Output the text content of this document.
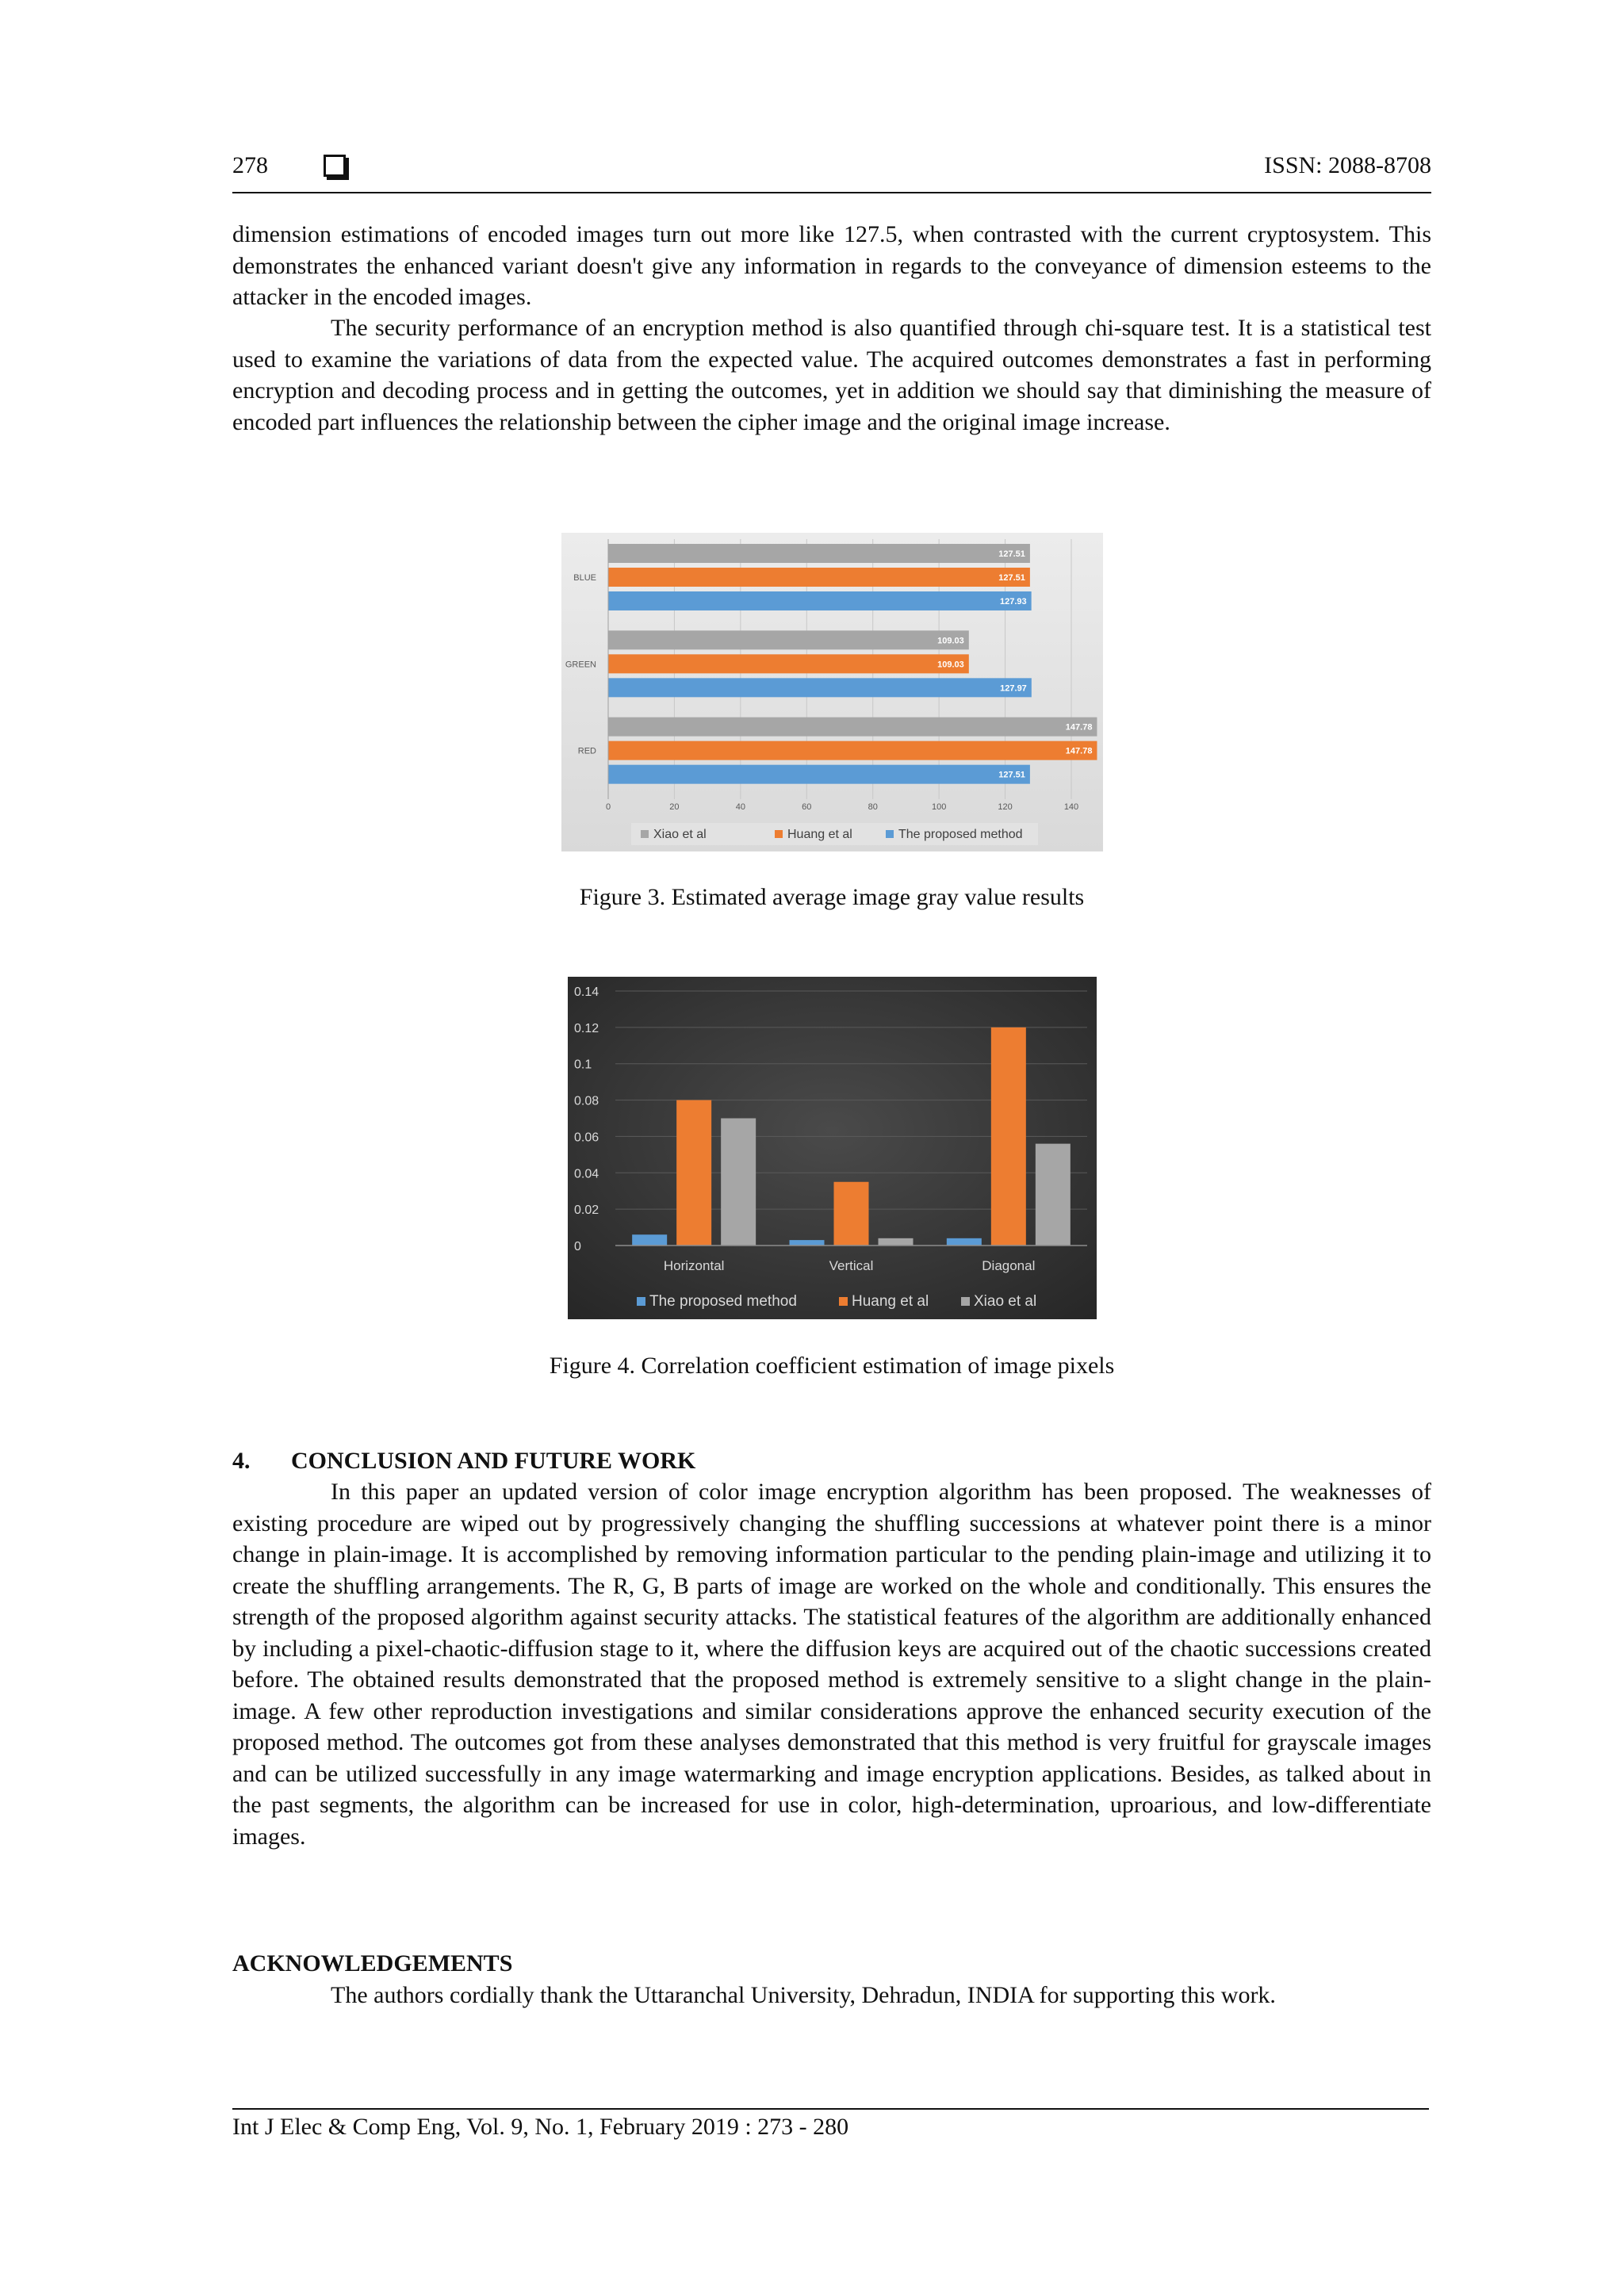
278	ISSN: 2088-8708

dimension estimations of encoded images turn out more like 127.5, when contrasted with the current cryptosystem. This demonstrates the enhanced variant doesn't give any information in regards to the conveyance of dimension esteems to the attacker in the encoded images.

The security performance of an encryption method is also quantified through chi-square test. It is a statistical test used to examine the variations of data from the expected value. The acquired outcomes demonstrates a fast in performing encryption and decoding process and in getting the outcomes, yet in addition we should say that diminishing the measure of encoded part influences the relationship between the cipher image and the original image increase.

127.51
127.51
127.93
109.03
109.03
127.97
147.78
147.78
127.51
0	20	40	60	80	100	120	140
BLUE
GREEN
RED
Xiao et al	Huang et al	The proposed method
Figure 3. Estimated average image gray value results
0
0.02
0.04
0.06
0.08
0.1
0.12
0.14
Horizontal	Vertical	Diagonal
The proposed method	Huang et al	Xiao et al
Figure 4. Correlation coefficient estimation of image pixels
4. CONCLUSION AND FUTURE WORK

In this paper an updated version of color image encryption algorithm has been proposed. The weaknesses of existing procedure are wiped out by progressively changing the shuffling successions at whatever point there is a minor change in plain-image. It is accomplished by removing information particular to the pending plain-image and utilizing it to create the shuffling arrangements. The R, G, B parts of image are worked on the whole and conditionally. This ensures the strength of the proposed algorithm against security attacks. The statistical features of the algorithm are additionally enhanced by including a pixel-chaotic-diffusion stage to it, where the diffusion keys are acquired out of the chaotic successions created before. The obtained results demonstrated that the proposed method is extremely sensitive to a slight change in the plain-image. A few other reproduction investigations and similar considerations approve the enhanced security execution of the proposed method. The outcomes got from these analyses demonstrated that this method is very fruitful for grayscale images and can be utilized successfully in any image watermarking and image encryption applications. Besides, as talked about in the past segments, the algorithm can be increased for use in color, high-determination, uproarious, and low-differentiate images.

ACKNOWLEDGEMENTS

The authors cordially thank the Uttaranchal University, Dehradun, INDIA for supporting this work.

Int J Elec & Comp Eng, Vol. 9, No. 1, February 2019 : 273 - 280
